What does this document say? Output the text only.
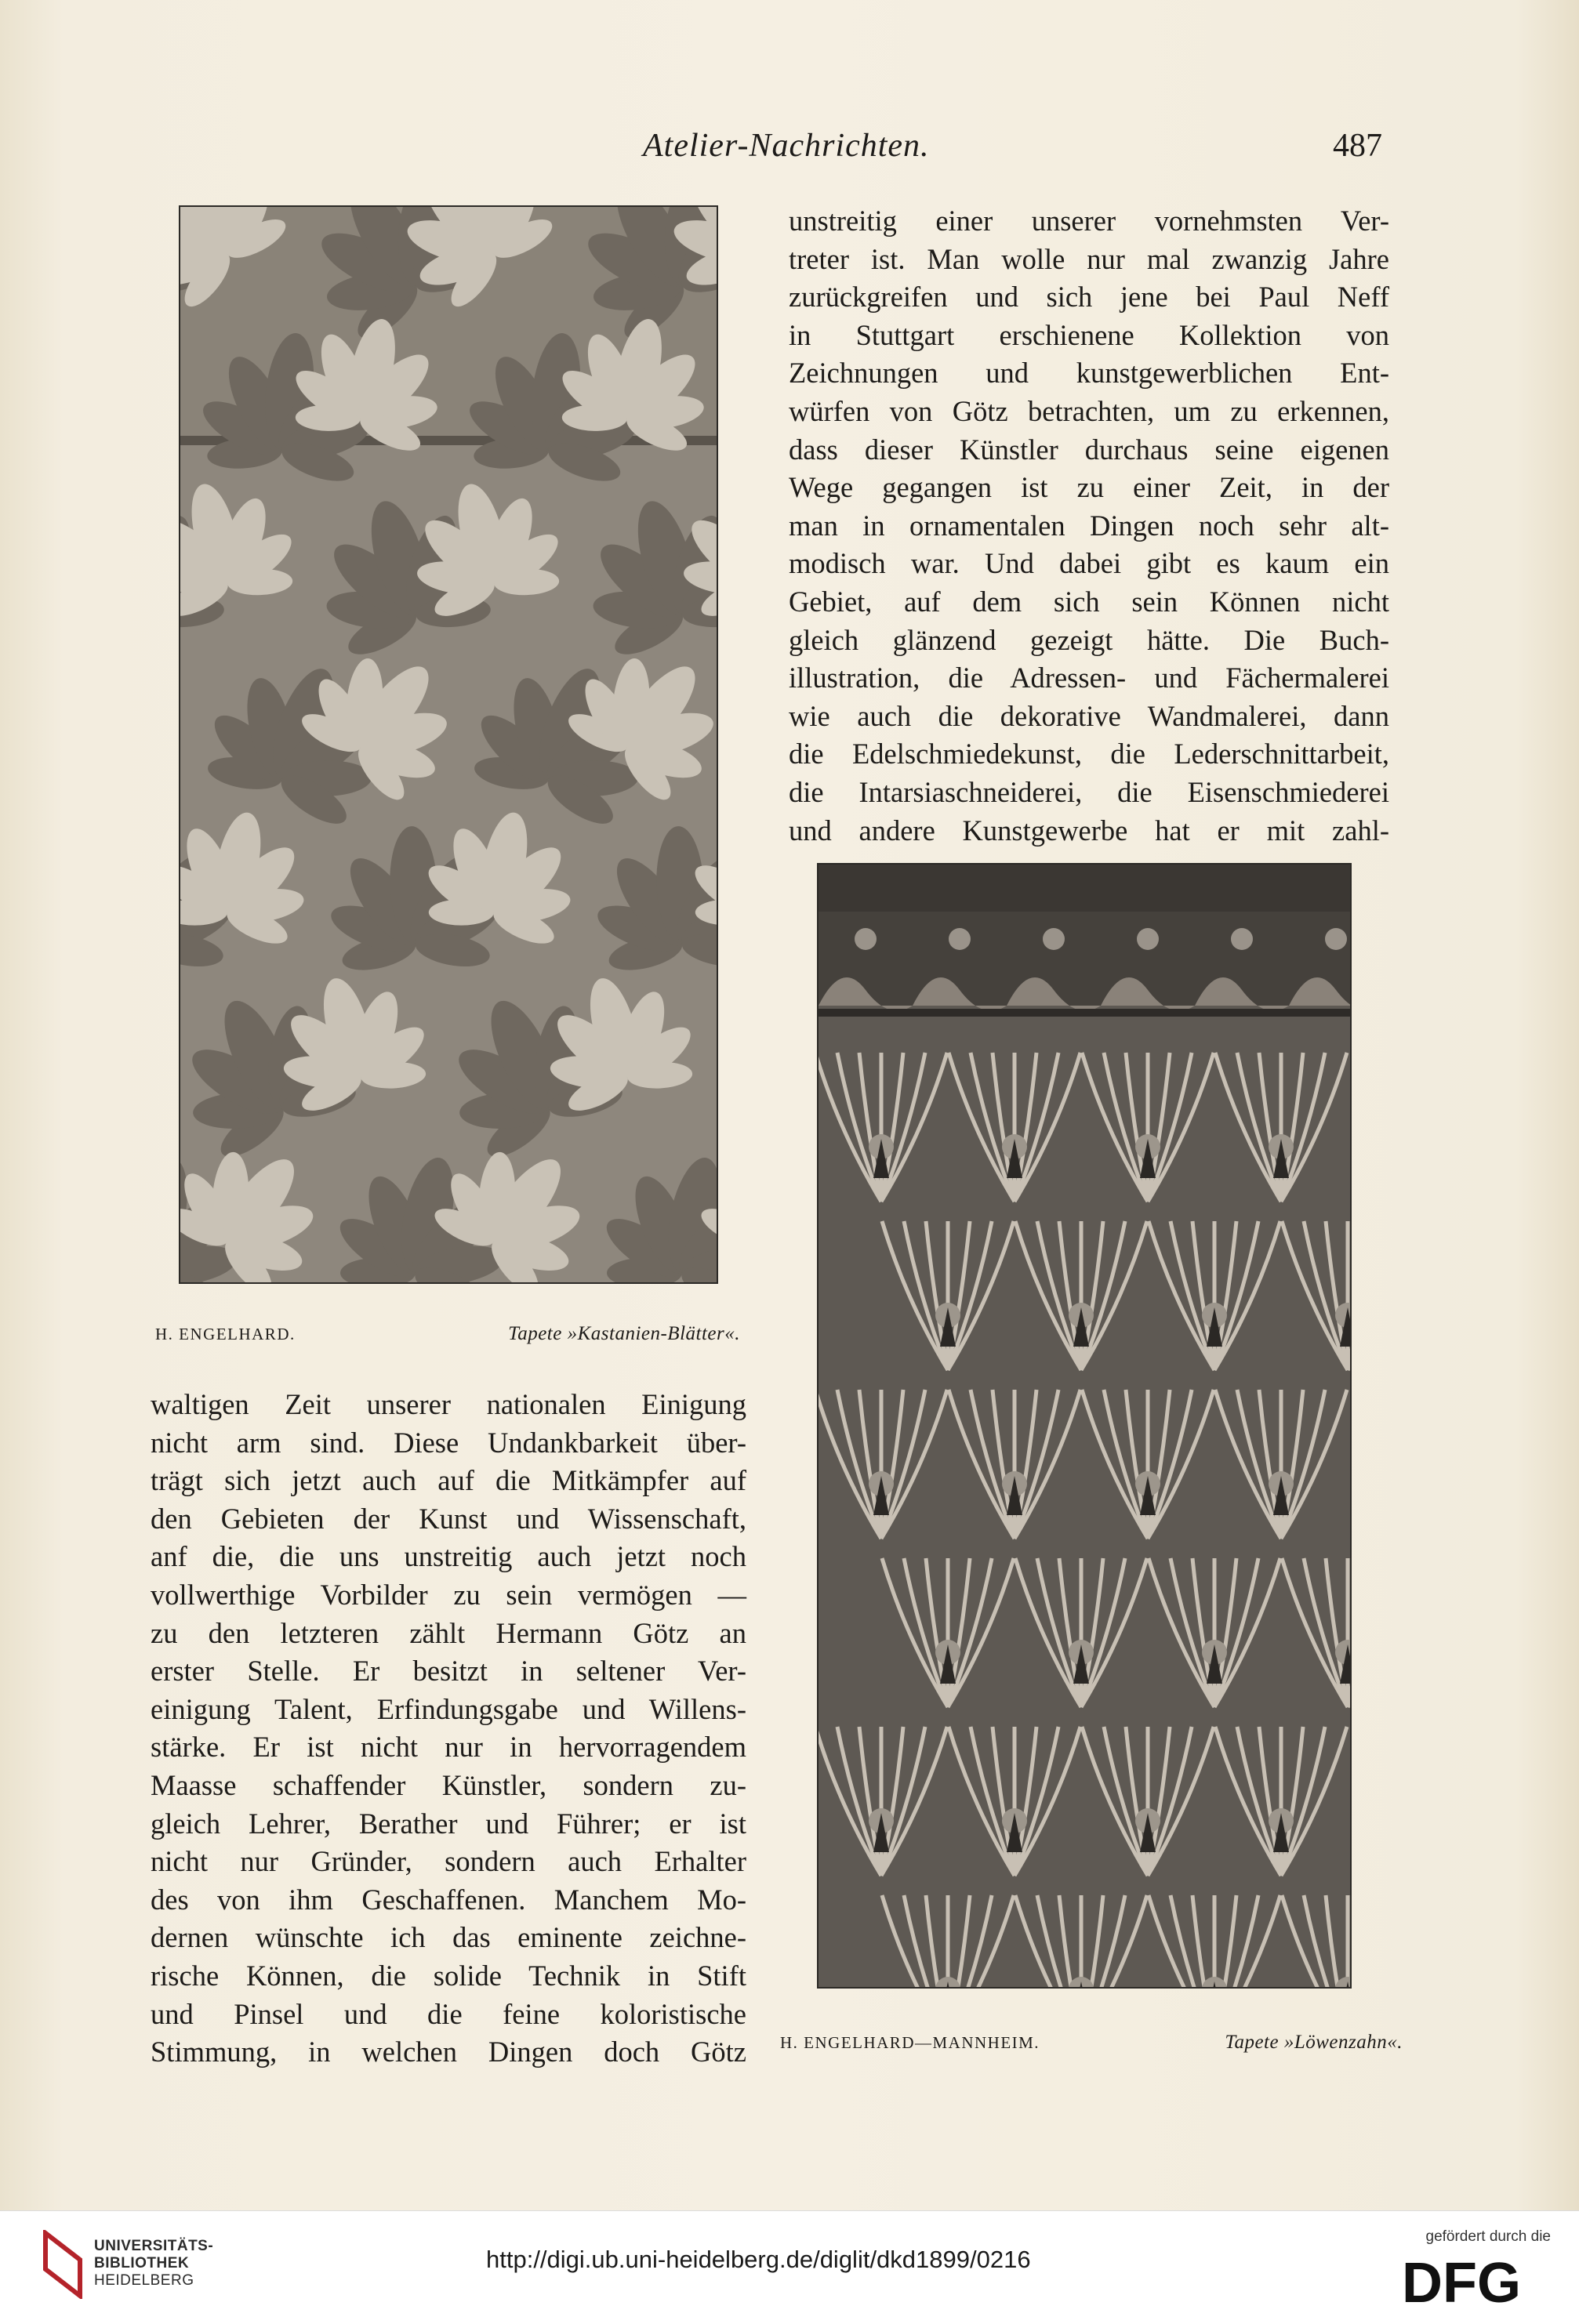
Atelier-Nachrichten.	487
H. ENGELHARD.	Tapete »Kastanien-Blätter«.
unstreitig einer unserer vornehmsten Ver-
treter ist. Man wolle nur mal zwanzig Jahre
zurückgreifen und sich jene bei Paul Neff
in Stuttgart erschienene Kollektion von
Zeichnungen und kunstgewerblichen Ent-
würfen von Götz betrachten, um zu erkennen,
dass dieser Künstler durchaus seine eigenen
Wege gegangen ist zu einer Zeit, in der
man in ornamentalen Dingen noch sehr alt-
modisch war. Und dabei gibt es kaum ein
Gebiet, auf dem sich sein Können nicht
gleich glänzend gezeigt hätte. Die Buch-
illustration, die Adressen- und Fächermalerei
wie auch die dekorative Wandmalerei, dann
die Edelschmiedekunst, die Lederschnittarbeit,
die Intarsiaschneiderei, die Eisenschmiederei
und andere Kunstgewerbe hat er mit zahl-
H. ENGELHARD—MANNHEIM.	Tapete »Löwenzahn«.
waltigen Zeit unserer nationalen Einigung
nicht arm sind. Diese Undankbarkeit über-
trägt sich jetzt auch auf die Mitkämpfer auf
den Gebieten der Kunst und Wissenschaft,
anf die, die uns unstreitig auch jetzt noch
vollwerthige Vorbilder zu sein vermögen —
zu den letzteren zählt Hermann Götz an
erster Stelle. Er besitzt in seltener Ver-
einigung Talent, Erfindungsgabe und Willens-
stärke. Er ist nicht nur in hervorragendem
Maasse schaffender Künstler, sondern zu-
gleich Lehrer, Berather und Führer; er ist
nicht nur Gründer, sondern auch Erhalter
des von ihm Geschaffenen. Manchem Mo-
dernen wünschte ich das eminente zeichne-
rische Können, die solide Technik in Stift
und Pinsel und die feine koloristische
Stimmung, in welchen Dingen doch Götz
UNIVERSITÄTS-
BIBLIOTHEK
HEIDELBERG
http://digi.ub.uni-heidelberg.de/diglit/dkd1899/0216
gefördert durch die
DFG
